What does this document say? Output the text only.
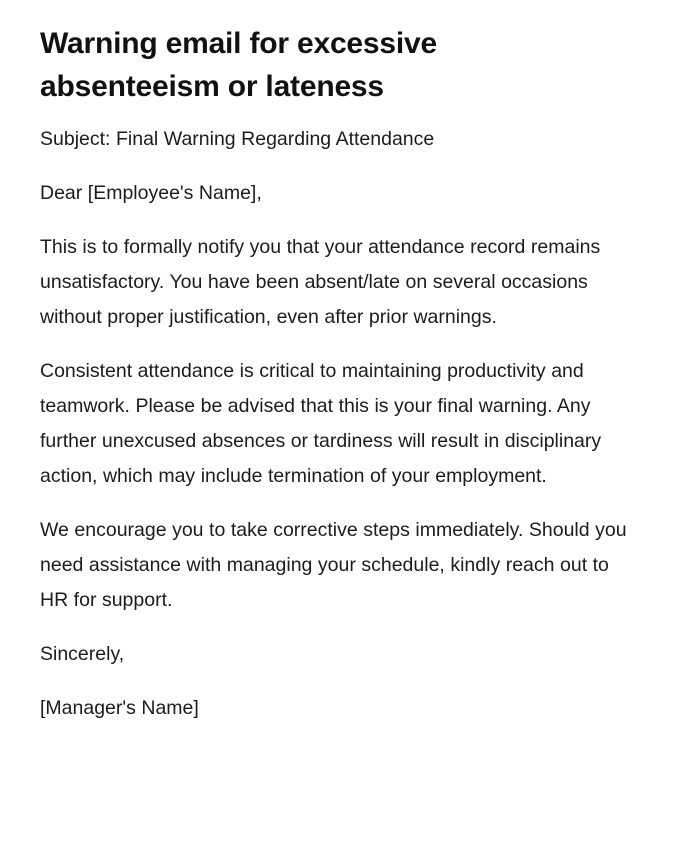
Warning email for excessive absenteeism or lateness

Subject: Final Warning Regarding Attendance

Dear [Employee's Name],

This is to formally notify you that your attendance record remains unsatisfactory. You have been absent/late on several occasions without proper justification, even after prior warnings.

Consistent attendance is critical to maintaining productivity and teamwork. Please be advised that this is your final warning. Any further unexcused absences or tardiness will result in disciplinary action, which may include termination of your employment.

We encourage you to take corrective steps immediately. Should you need assistance with managing your schedule, kindly reach out to HR for support.

Sincerely,

[Manager's Name]
